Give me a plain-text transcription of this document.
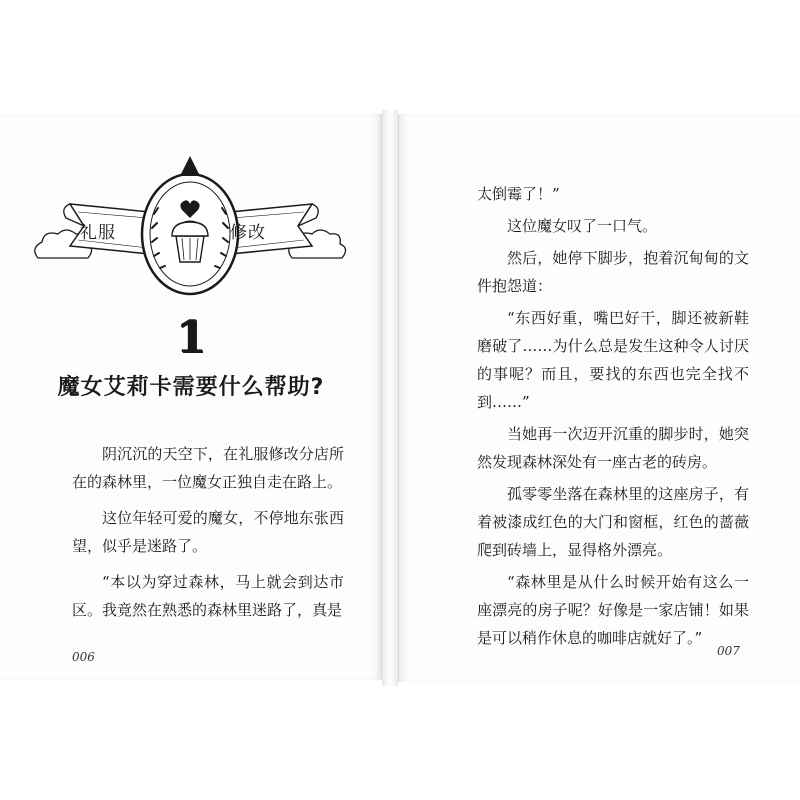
礼服	修改
1
魔女艾莉卡需要什么帮助?

阴沉沉的天空下，在礼服修改分店所在的森林里，一位魔女正独自走在路上。

这位年轻可爱的魔女，不停地东张西望，似乎是迷路了。

“本以为穿过森林，马上就会到达市区。我竟然在熟悉的森林里迷路了，真是

006

太倒霉了！”

这位魔女叹了一口气。

然后，她停下脚步，抱着沉甸甸的文件抱怨道：

“东西好重，嘴巴好干，脚还被新鞋磨破了……为什么总是发生这种令人讨厌的事呢？而且，要找的东西也完全找不到……”

当她再一次迈开沉重的脚步时，她突然发现森林深处有一座古老的砖房。

孤零零坐落在森林里的这座房子，有着被漆成红色的大门和窗框，红色的蔷薇爬到砖墙上，显得格外漂亮。

“森林里是从什么时候开始有这么一座漂亮的房子呢？好像是一家店铺！如果是可以稍作休息的咖啡店就好了。”

007
